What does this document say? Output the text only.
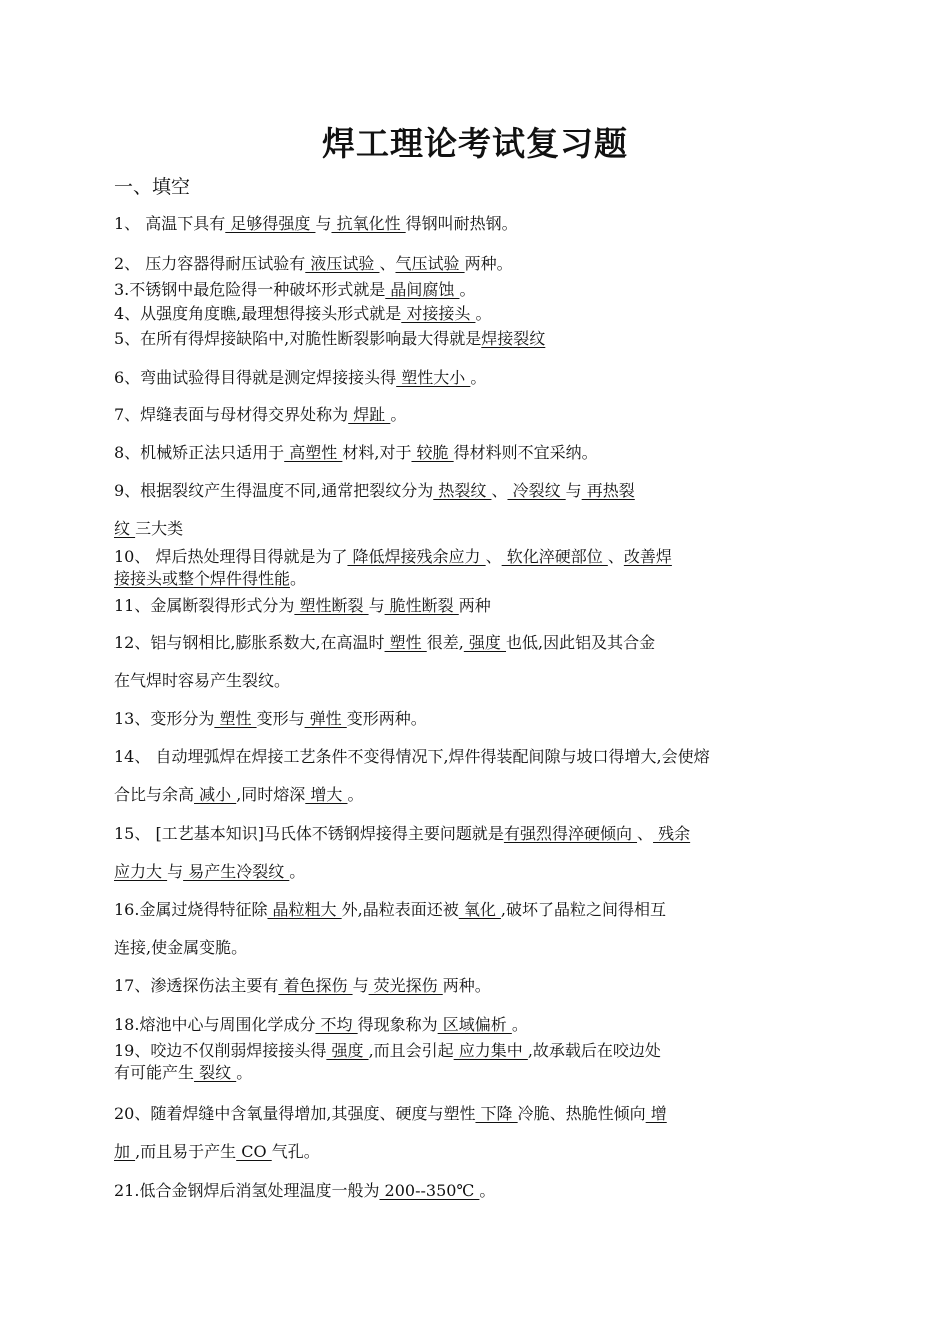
焊工理论考试复习题
一、填空
1、 高温下具有 足够得强度 与 抗氧化性 得钢叫耐热钢。
2、 压力容器得耐压试验有 液压试验 、气压试验 两种。
3.不锈钢中最危险得一种破坏形式就是 晶间腐蚀 。
4、从强度角度瞧,最理想得接头形式就是 对接接头 。
5、在所有得焊接缺陷中,对脆性断裂影响最大得就是焊接裂纹
6、弯曲试验得目得就是测定焊接接头得 塑性大小 。
7、焊缝表面与母材得交界处称为 焊趾 。
8、机械矫正法只适用于 高塑性 材料,对于 较脆 得材料则不宜采纳。
9、根据裂纹产生得温度不同,通常把裂纹分为 热裂纹 、 冷裂纹 与 再热裂
纹 三大类
10、 焊后热处理得目得就是为了 降低焊接残余应力 、 软化淬硬部位 、改善焊
接接头或整个焊件得性能。
11、金属断裂得形式分为 塑性断裂 与 脆性断裂 两种
12、铝与钢相比,膨胀系数大,在高温时 塑性 很差, 强度 也低,因此铝及其合金
在气焊时容易产生裂纹。
13、变形分为 塑性 变形与 弹性 变形两种。
14、 自动埋弧焊在焊接工艺条件不变得情况下,焊件得装配间隙与坡口得增大,会使熔
合比与余高 减小 ,同时熔深 增大 。
15、 [工艺基本知识]马氏体不锈钢焊接得主要问题就是有强烈得淬硬倾向 、 残余
应力大 与 易产生冷裂纹 。
16.金属过烧得特征除 晶粒粗大 外,晶粒表面还被 氧化 ,破坏了晶粒之间得相互
连接,使金属变脆。
17、渗透探伤法主要有 着色探伤 与 荧光探伤 两种。
18.熔池中心与周围化学成分 不均 得现象称为 区域偏析 。
19、咬边不仅削弱焊接接头得 强度 ,而且会引起 应力集中 ,故承载后在咬边处
有可能产生 裂纹 。
20、随着焊缝中含氧量得增加,其强度、硬度与塑性 下降 冷脆、热脆性倾向 增
加 ,而且易于产生 CO 气孔。
21.低合金钢焊后消氢处理温度一般为 200--350℃ 。
